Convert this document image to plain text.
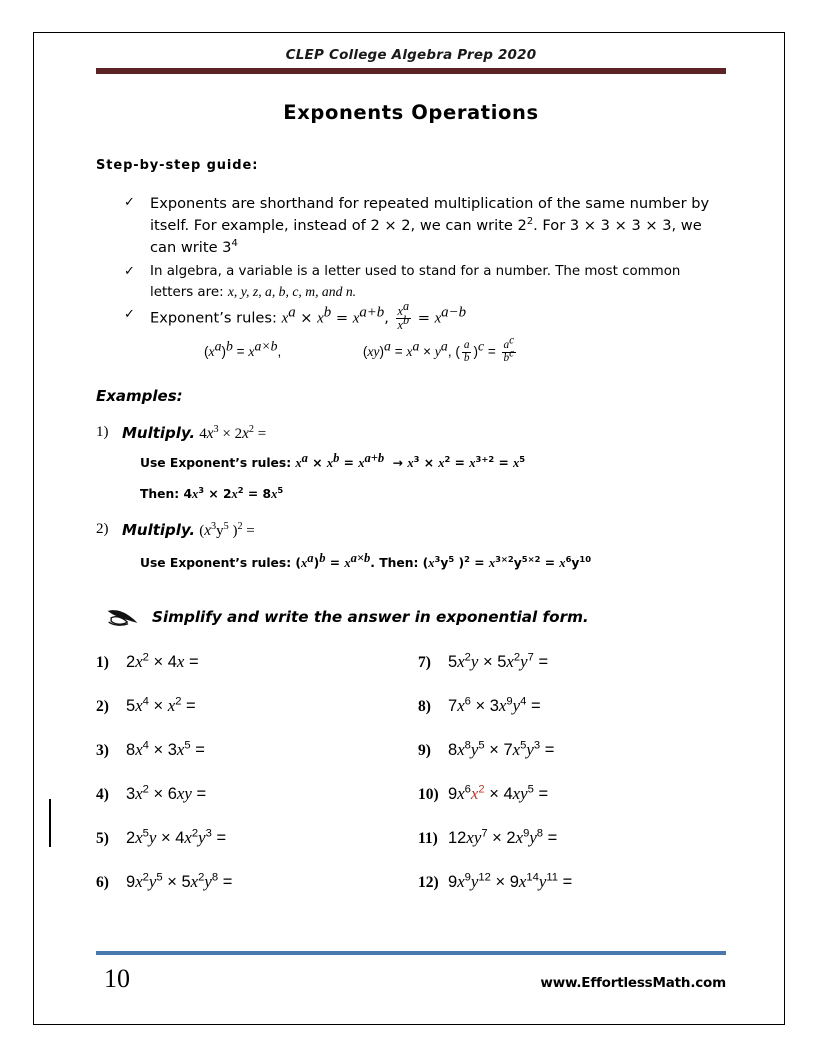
CLEP College Algebra Prep 2020
Exponents Operations
Step-by-step guide:
✓ Exponents are shorthand for repeated multiplication of the same number by itself. For example, instead of 2 × 2, we can write $2^2$. For 3 × 3 × 3 × 3, we can write $3^4$
✓ In algebra, a variable is a letter used to stand for a number. The most common letters are: x, y, z, a, b, c, m, and n.
✓ Exponent’s rules: $x^a \times x^b = x^{a+b}$, $\frac{x^a}{x^b} = x^{a-b}$
$(x^a)^b = x^{a\times b}$,	$(xy)^a = x^a \times y^a$, ( $\frac{a}{b} )^c = \frac{a^c}{b^c}$
Examples:
1) Multiply. $4x^3 \times 2x^2$ =
Use Exponent’s rules: $x^a \times x^b = x^{a+b} \to x^3 \times x^2 = x^{3+2} = x^5$
Then: $4x^3 \times 2x^2 = 8x^5$
2) Multiply. ($x^3y^5$ )$^2$ =
Use Exponent’s rules: $(x^a)^b = x^{a\times b}$. Then: ($x^3y^5$ )$^2 = x^{3\times 2}y^{5\times 2} = x^6y^{10}$
Simplify and write the answer in exponential form.
1)	$2x^2 \times 4x$ =
2)	$5x^4 \times x^2$ =
3)	$8x^4 \times 3x^5$ =
4)	$3x^2 \times 6xy$ =
5)	$2x^5y \times 4x^2y^3$ =
6)	$9x^2y^5 \times 5x^2y^8$ =
7)	$5x^2y \times 5x^2y^7$ =
8)	$7x^6 \times 3x^9y^4$ =
9)	$8x^8y^5 \times 7x^5y^3$ =
10) $9x^6x^2 \times 4xy^5$ =
11) $12xy^7 \times 2x^9y^8$ =
12) $9x^9y^{12} \times 9x^{14}y^{11}$ =
10	www.EffortlessMath.com
